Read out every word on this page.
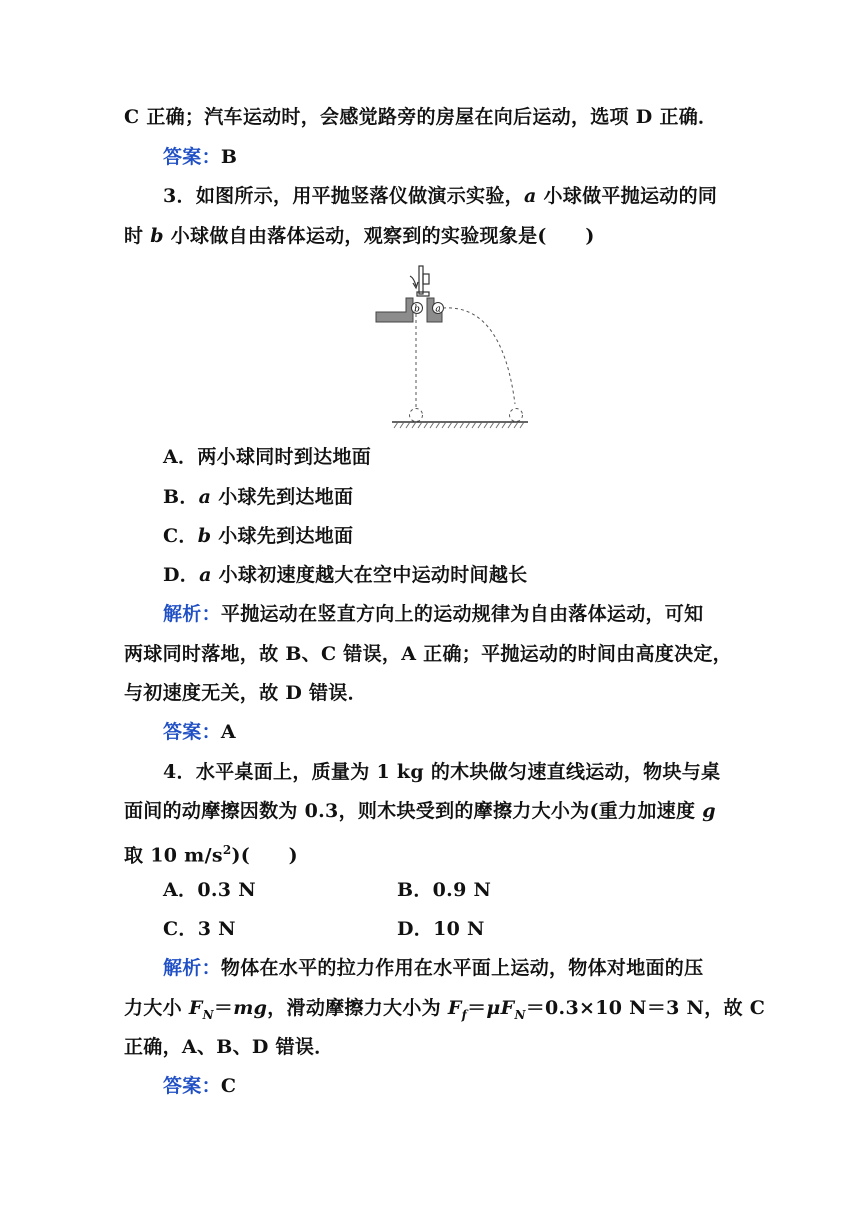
C 正确；汽车运动时，会感觉路旁的房屋在向后运动，选项 D 正确．
答案：B
3．如图所示，用平抛竖落仪做演示实验，a 小球做平抛运动的同
时 b 小球做自由落体运动，观察到的实验现象是(　　)
b a
A．两小球同时到达地面
B．a 小球先到达地面
C．b 小球先到达地面
D．a 小球初速度越大在空中运动时间越长
解析：平抛运动在竖直方向上的运动规律为自由落体运动，可知
两球同时落地，故 B、C 错误，A 正确；平抛运动的时间由高度决定，
与初速度无关，故 D 错误．
答案：A
4．水平桌面上，质量为 1 kg 的木块做匀速直线运动，物块与桌
面间的动摩擦因数为 0.3，则木块受到的摩擦力大小为(重力加速度 g
取 10 $m/s^2$)(　　)
A．0.3 N	B．0.9 N
C．3 N	D．10 N
解析：物体在水平的拉力作用在水平面上运动，物体对地面的压
力大小 $F_N=mg$，滑动摩擦力大小为 $F_f=\mu F_N=0.3\times 10$ N＝3 N，故 C
正确，A、B、D 错误．
答案：C
